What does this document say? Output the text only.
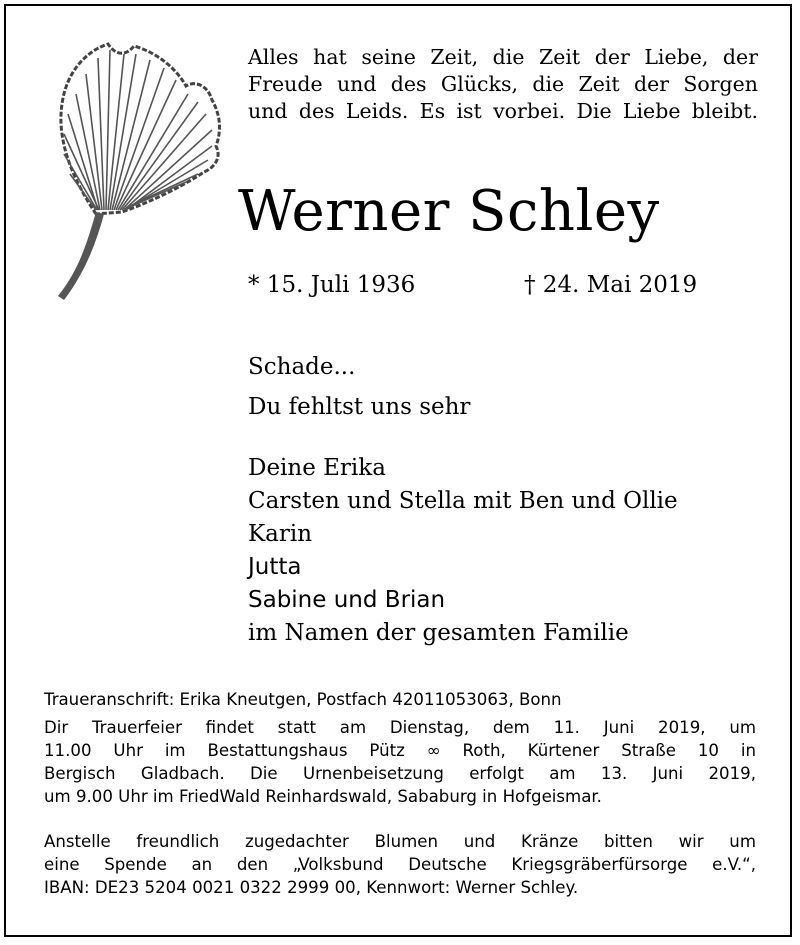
Alles hat seine Zeit, die Zeit der Liebe, der
Freude und des Glücks, die Zeit der Sorgen
und des Leids. Es ist vorbei. Die Liebe bleibt.
Werner Schley
* 15. Juli 1936	† 24. Mai 2019
Schade...
Du fehltst uns sehr
Deine Erika
Carsten und Stella mit Ben und Ollie
Karin
Jutta
Sabine und Brian
im Namen der gesamten Familie

Traueranschrift: Erika Kneutgen, Postfach 42011053063, Bonn

Dir Trauerfeier findet statt am Dienstag, dem 11. Juni 2019, um
11.00 Uhr im Bestattungshaus Pütz ∞ Roth, Kürtener Straße 10 in
Bergisch Gladbach. Die Urnenbeisetzung erfolgt am 13. Juni 2019,
um 9.00 Uhr im FriedWald Reinhardswald, Sababurg in Hofgeismar.

Anstelle freundlich zugedachter Blumen und Kränze bitten wir um
eine Spende an den „Volksbund Deutsche Kriegsgräberfürsorge e.V.“,
IBAN: DE23 5204 0021 0322 2999 00, Kennwort: Werner Schley.
